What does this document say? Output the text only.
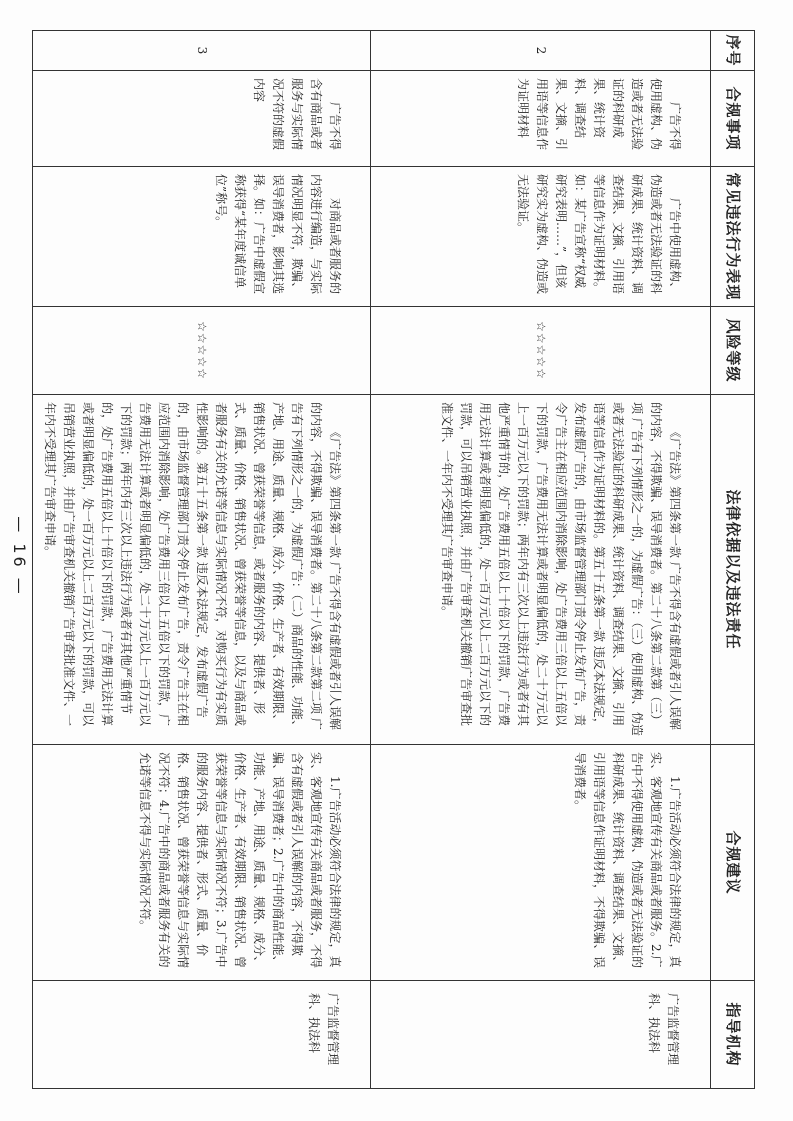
序号	合规事项	常见违法行为表现	风险等级	法律依据以及违法责任	合规建议	指导机构
2	广告不得使用虚构、伪造或者无法验证的科研成果、统计资料、调查结果、文摘、引用语等信息作为证明材料	广告中使用虚构、伪造或者无法验证的科研成果、统计资料、调查结果、文摘、引用语等信息作为证明材料。如：某广告宣称“权威研究表明……”，但该研究实为虚构、伪造或无法验证。	☆☆☆☆☆	《广告法》第四条第一款 广告不得含有虚假或者引人误解的内容，不得欺骗、误导消费者。第二十八条第二款第（三）项 广告有下列情形之一的，为虚假广告：（三）使用虚构、伪造或者无法验证的科研成果、统计资料、调查结果、文摘、引用语等信息作为证明材料的。第五十五条第一款 违反本法规定，发布虚假广告的，由市场监督管理部门责令停止发布广告，责令广告主在相应范围内消除影响，处广告费用三倍以上五倍以下的罚款，广告费用无法计算或者明显偏低的，处二十万元以上一百万元以下的罚款；两年内有三次以上违法行为或者有其他严重情节的，处广告费用五倍以上十倍以下的罚款，广告费用无法计算或者明显偏低的，处一百万元以上二百万元以下的罚款，可以吊销营业执照，并由广告审查机关撤销广告审查批准文件、一年内不受理其广告审查申请。	1.广告活动必须符合法律的规定，真实、客观地宣传有关商品或者服务。2.广告中不得使用虚构、伪造或者无法验证的科研成果、统计资料、调查结果、文摘、引用语等信息作证明材料，不得欺骗、误导消费者。	广告监督管理科、执法科

3	广告不得含有商品或者服务与实际情况不符的虚假内容	对商品或者服务的内容进行编造，与实际情况明显不符，欺骗、误导消费者，影响其选择。如：广告中虚假宣称获得“某年度诚信单位”称号。	☆☆☆☆☆	《广告法》第四条第一款 广告不得含有虚假或者引人误解的内容，不得欺骗、误导消费者。第二十八条第二款第二项 广告有下列情形之一的，为虚假广告：（二）商品的性能、功能、产地、用途、质量、规格、成分、价格、生产者、有效期限、销售状况、曾获荣誉等信息，或者服务的内容、提供者、形式、质量、价格、销售状况、曾获荣誉等信息，以及与商品或者服务有关的允诺等信息与实际情况不符，对购买行为有实质性影响的。第五十五条第一款 违反本法规定，发布虚假广告的，由市场监督管理部门责令停止发布广告，责令广告主在相应范围内消除影响，处广告费用三倍以上五倍以下的罚款，广告费用无法计算或者明显偏低的，处二十万元以上一百万元以下的罚款；两年内有三次以上违法行为或者有其他严重情节的，处广告费用五倍以上十倍以下的罚款，广告费用无法计算或者明显偏低的，处一百万元以上二百万元以下的罚款，可以吊销营业执照，并由广告审查机关撤销广告审查批准文件、一年内不受理其广告审查申请。	1.广告活动必须符合法律的规定，真实、客观地宣传有关商品或者服务，不得含有虚假或者引人误解的内容，不得欺骗、误导消费者；2.广告中的商品性能、功能、产地、用途、质量、规格、成分、价格、生产者、有效期限、销售状况、曾获荣誉等信息与实际情况不符；3.广告中的服务内容、提供者、形式、质量、价格、销售状况、曾获荣誉等信息与实际情况不符；4.广告中的商品或者服务有关的允诺等信息不得与实际情况不符。	广告监督管理科、执法科
— 16 —
